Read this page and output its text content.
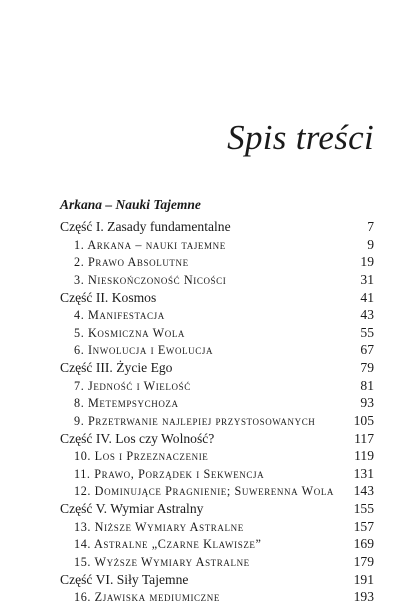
Spis treści
Arkana – Nauki Tajemne
Część I. Zasady fundamentalne	7
1. Arkana – nauki tajemne	9
2. Prawo Absolutne	19
3. Nieskończoność Nicości	31
Część II. Kosmos	41
4. Manifestacja	43
5. Kosmiczna Wola	55
6. Inwolucja i Ewolucja	67
Część III. Życie Ego	79
7. Jedność i Wielość	81
8. Metempsychoza	93
9. Przetrwanie najlepiej przystosowanych	105
Część IV. Los czy Wolność?	117
10. Los i Przeznaczenie	119
11. Prawo, Porządek i Sekwencja	131
12. Dominujące Pragnienie; Suwerenna Wola 143
Część V. Wymiar Astralny	155
13. Niższe Wymiary Astralne	157
14. Astralne „Czarne Klawisze”	169
15. Wyższe Wymiary Astralne	179
Część VI. Siły Tajemne	191
16. Zjawiska mediumiczne	193
